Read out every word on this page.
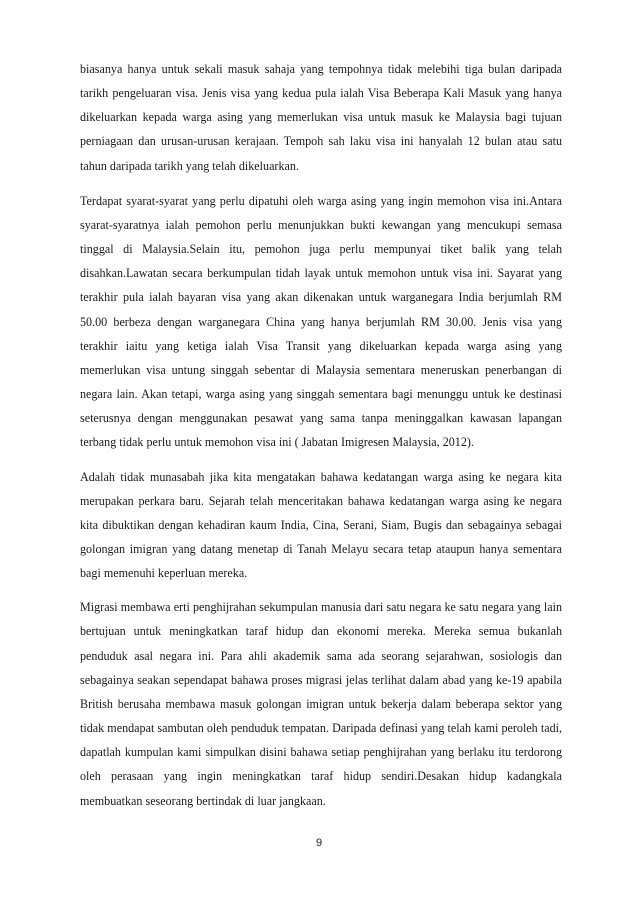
biasanya hanya untuk sekali masuk sahaja yang tempohnya tidak melebihi tiga bulan daripada tarikh pengeluaran visa. Jenis visa yang kedua pula ialah Visa Beberapa Kali Masuk yang hanya dikeluarkan kepada warga asing yang memerlukan visa untuk masuk ke Malaysia bagi tujuan perniagaan dan urusan-urusan kerajaan. Tempoh sah laku visa ini hanyalah 12 bulan atau satu tahun daripada tarikh yang telah dikeluarkan.

Terdapat syarat-syarat yang perlu dipatuhi oleh warga asing yang ingin memohon visa ini.Antara syarat-syaratnya ialah pemohon perlu menunjukkan bukti kewangan yang mencukupi semasa tinggal di Malaysia.Selain itu, pemohon juga perlu mempunyai tiket balik yang telah disahkan.Lawatan secara berkumpulan tidah layak untuk memohon untuk visa ini. Sayarat yang terakhir pula ialah bayaran visa yang akan dikenakan untuk warganegara India berjumlah RM 50.00 berbeza dengan warganegara China yang hanya berjumlah RM 30.00. Jenis visa yang terakhir iaitu yang ketiga ialah Visa Transit yang dikeluarkan kepada warga asing yang memerlukan visa untung singgah sebentar di Malaysia sementara meneruskan penerbangan di negara lain. Akan tetapi, warga asing yang singgah sementara bagi menunggu untuk ke destinasi seterusnya dengan menggunakan pesawat yang sama tanpa meninggalkan kawasan lapangan terbang tidak perlu untuk memohon visa ini ( Jabatan Imigresen Malaysia, 2012).

Adalah tidak munasabah jika kita mengatakan bahawa kedatangan warga asing ke negara kita merupakan perkara baru. Sejarah telah menceritakan bahawa kedatangan warga asing ke negara kita dibuktikan dengan kehadiran kaum India, Cina, Serani, Siam, Bugis dan sebagainya sebagai golongan imigran yang datang menetap di Tanah Melayu secara tetap ataupun hanya sementara bagi memenuhi keperluan mereka.

Migrasi membawa erti penghijrahan sekumpulan manusia dari satu negara ke satu negara yang lain bertujuan untuk meningkatkan taraf hidup dan ekonomi mereka. Mereka semua bukanlah penduduk asal negara ini. Para ahli akademik sama ada seorang sejarahwan, sosiologis dan sebagainya seakan sependapat bahawa proses migrasi jelas terlihat dalam abad yang ke-19 apabila British berusaha membawa masuk golongan imigran untuk bekerja dalam beberapa sektor yang tidak mendapat sambutan oleh penduduk tempatan. Daripada definasi yang telah kami peroleh tadi, dapatlah kumpulan kami simpulkan disini bahawa setiap penghijrahan yang berlaku itu terdorong oleh perasaan yang ingin meningkatkan taraf hidup sendiri.Desakan hidup kadangkala membuatkan seseorang bertindak di luar jangkaan.

9
